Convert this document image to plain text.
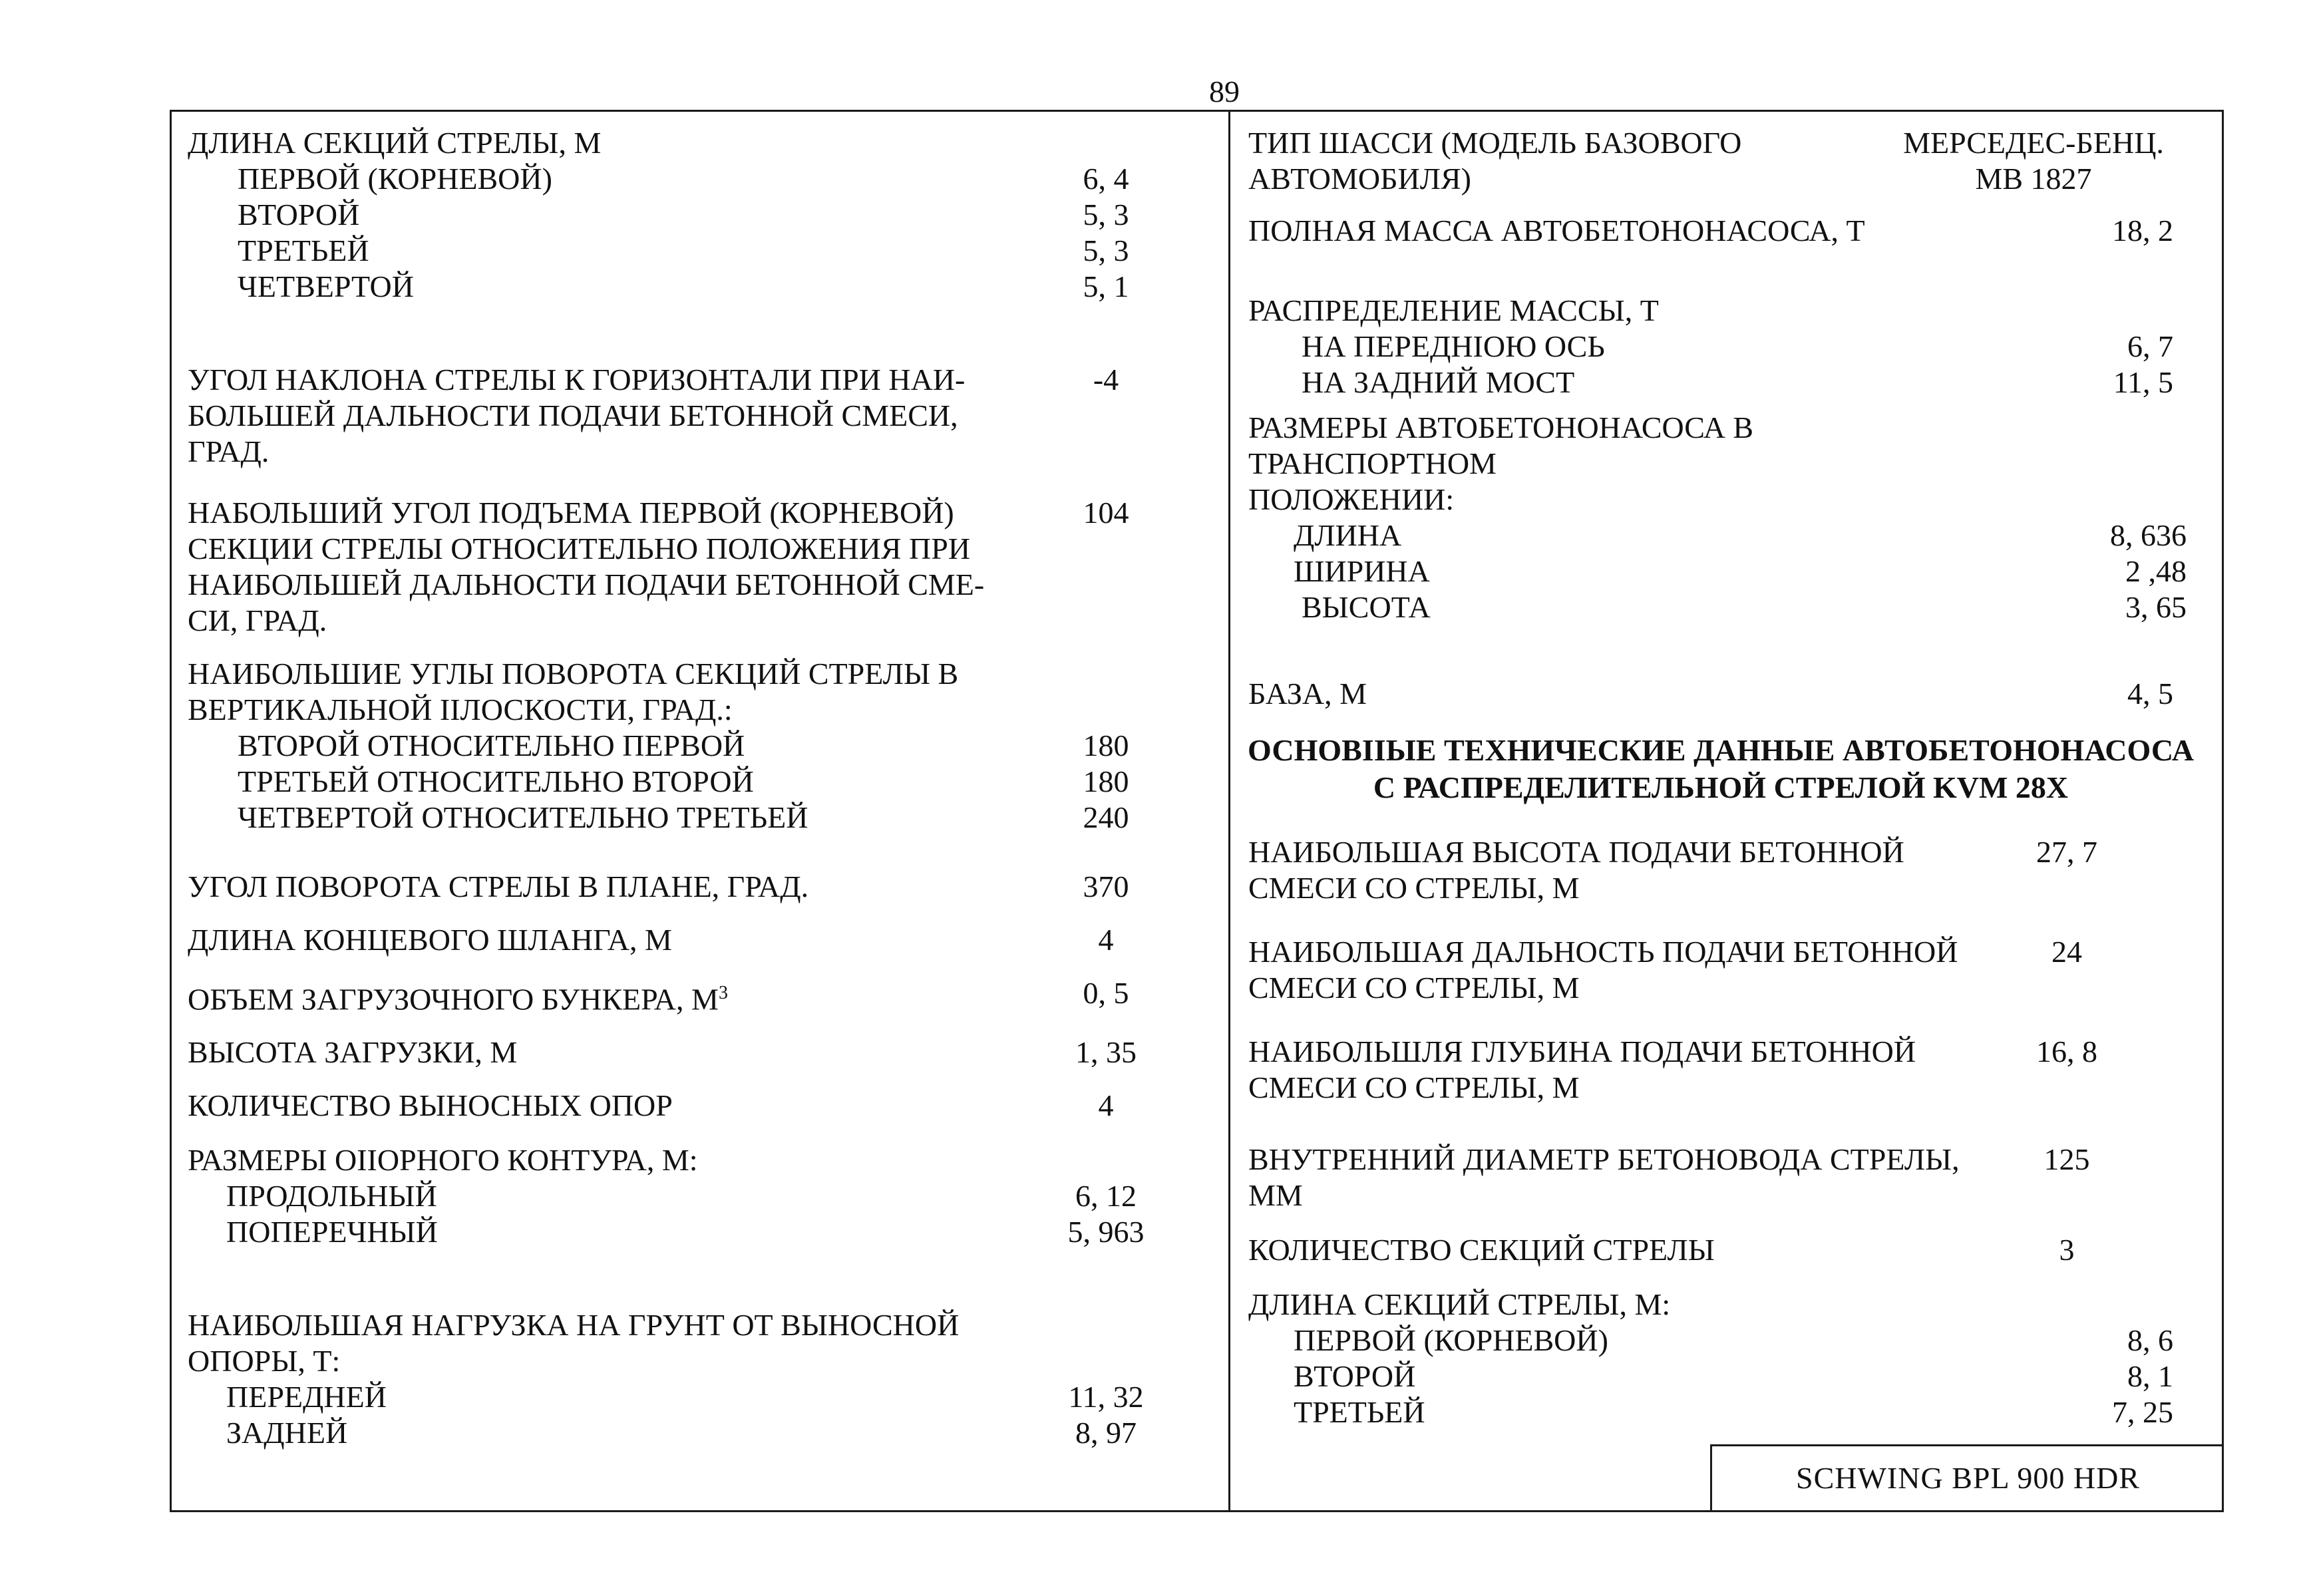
89
SCHWING BPL 900 HDR
ДЛИНА СЕКЦИЙ СТРЕЛЫ, М
ПЕРВОЙ (КОРНЕВОЙ)	6, 4
ВТОРОЙ	5, 3
ТРЕТЬЕЙ	5, 3
ЧЕТВЕРТОЙ	5, 1
УГОЛ НАКЛОНА СТРЕЛЫ К ГОРИЗОНТАЛИ ПРИ НАИ-	-4
БОЛЬШЕЙ ДАЛЬНОСТИ ПОДАЧИ БЕТОННОЙ СМЕСИ,
ГРАД.
НАБОЛЬШИЙ УГОЛ ПОДЪЕМА ПЕРВОЙ (КОРНЕВОЙ)	104
СЕКЦИИ СТРЕЛЫ ОТНОСИТЕЛЬНО ПОЛОЖЕНИЯ ПРИ
НАИБОЛЬШЕЙ ДАЛЬНОСТИ ПОДАЧИ БЕТОННОЙ СМЕ-
СИ, ГРАД.
НАИБОЛЬШИЕ УГЛЫ ПОВОРОТА СЕКЦИЙ СТРЕЛЫ В
ВЕРТИКАЛЬНОЙ IIЛОСКОСТИ, ГРАД.:
ВТОРОЙ ОТНОСИТЕЛЬНО ПЕРВОЙ	180
ТРЕТЬЕЙ ОТНОСИТЕЛЬНО ВТОРОЙ	180
ЧЕТВЕРТОЙ ОТНОСИТЕЛЬНО ТРЕТЬЕЙ	240
УГОЛ ПОВОРОТА СТРЕЛЫ В ПЛАНЕ, ГРАД.	370
ДЛИНА КОНЦЕВОГО ШЛАНГА, М	4
ОБЪЕМ ЗАГРУЗОЧНОГО БУНКЕРА, $М^3$	0, 5
ВЫСОТА ЗАГРУЗКИ, М	1, 35
КОЛИЧЕСТВО ВЫНОСНЫХ ОПОР	4
РАЗМЕРЫ ОIIОРНОГО КОНТУРА, М:
ПРОДОЛЬНЫЙ	6, 12
ПОПЕРЕЧНЫЙ	5, 963
НАИБОЛЬШАЯ НАГРУЗКА НА ГРУНТ ОТ ВЫНОСНОЙ
ОПОРЫ, Т:
ПЕРЕДНЕЙ	11, 32
ЗАДНЕЙ	8, 97
ТИП ШАССИ (МОДЕЛЬ БАЗОВОГО	МЕРСЕДЕС-БЕНЦ.
АВТОМОБИЛЯ)	МВ 1827
ПОЛНАЯ МАССА АВТОБЕТОНОНАСОСА, Т	18, 2
РАСПРЕДЕЛЕНИЕ МАССЫ, Т
НА ПЕРЕДНIOЮ ОСЬ	6, 7
НА ЗАДНИЙ МОСТ	11, 5
РАЗМЕРЫ АВТОБЕТОНОНАСОСА В ТРАНСПОРТНОМ
ПОЛОЖЕНИИ:
ДЛИНА	8, 636
ШИРИНА	2 ,48
ВЫСОТА	3, 65
БАЗА, М	4, 5
ОСНОВIIЫЕ ТЕХНИЧЕСКИЕ ДАННЫЕ АВТОБЕТОНОНАСОСА
С РАСПРЕДЕЛИТЕЛЬНОЙ СТРЕЛОЙ KVM 28X
НАИБОЛЬШАЯ ВЫСОТА ПОДАЧИ БЕТОННОЙ	27, 7
СМЕСИ СО СТРЕЛЫ, М
НАИБОЛЬШАЯ ДАЛЬНОСТЬ ПОДАЧИ БЕТОННОЙ	24
СМЕСИ СО СТРЕЛЫ, М
НАИБОЛЬШЛЯ ГЛУБИНА ПОДАЧИ БЕТОННОЙ	16, 8
СМЕСИ СО СТРЕЛЫ, М
ВНУТРЕННИЙ ДИАМЕТР БЕТОНОВОДА СТРЕЛЫ,	125
ММ
КОЛИЧЕСТВО СЕКЦИЙ СТРЕЛЫ	3
ДЛИНА СЕКЦИЙ СТРЕЛЫ, М:
ПЕРВОЙ (КОРНЕВОЙ)	8, 6
ВТОРОЙ	8, 1
ТРЕТЬЕЙ	7, 25
